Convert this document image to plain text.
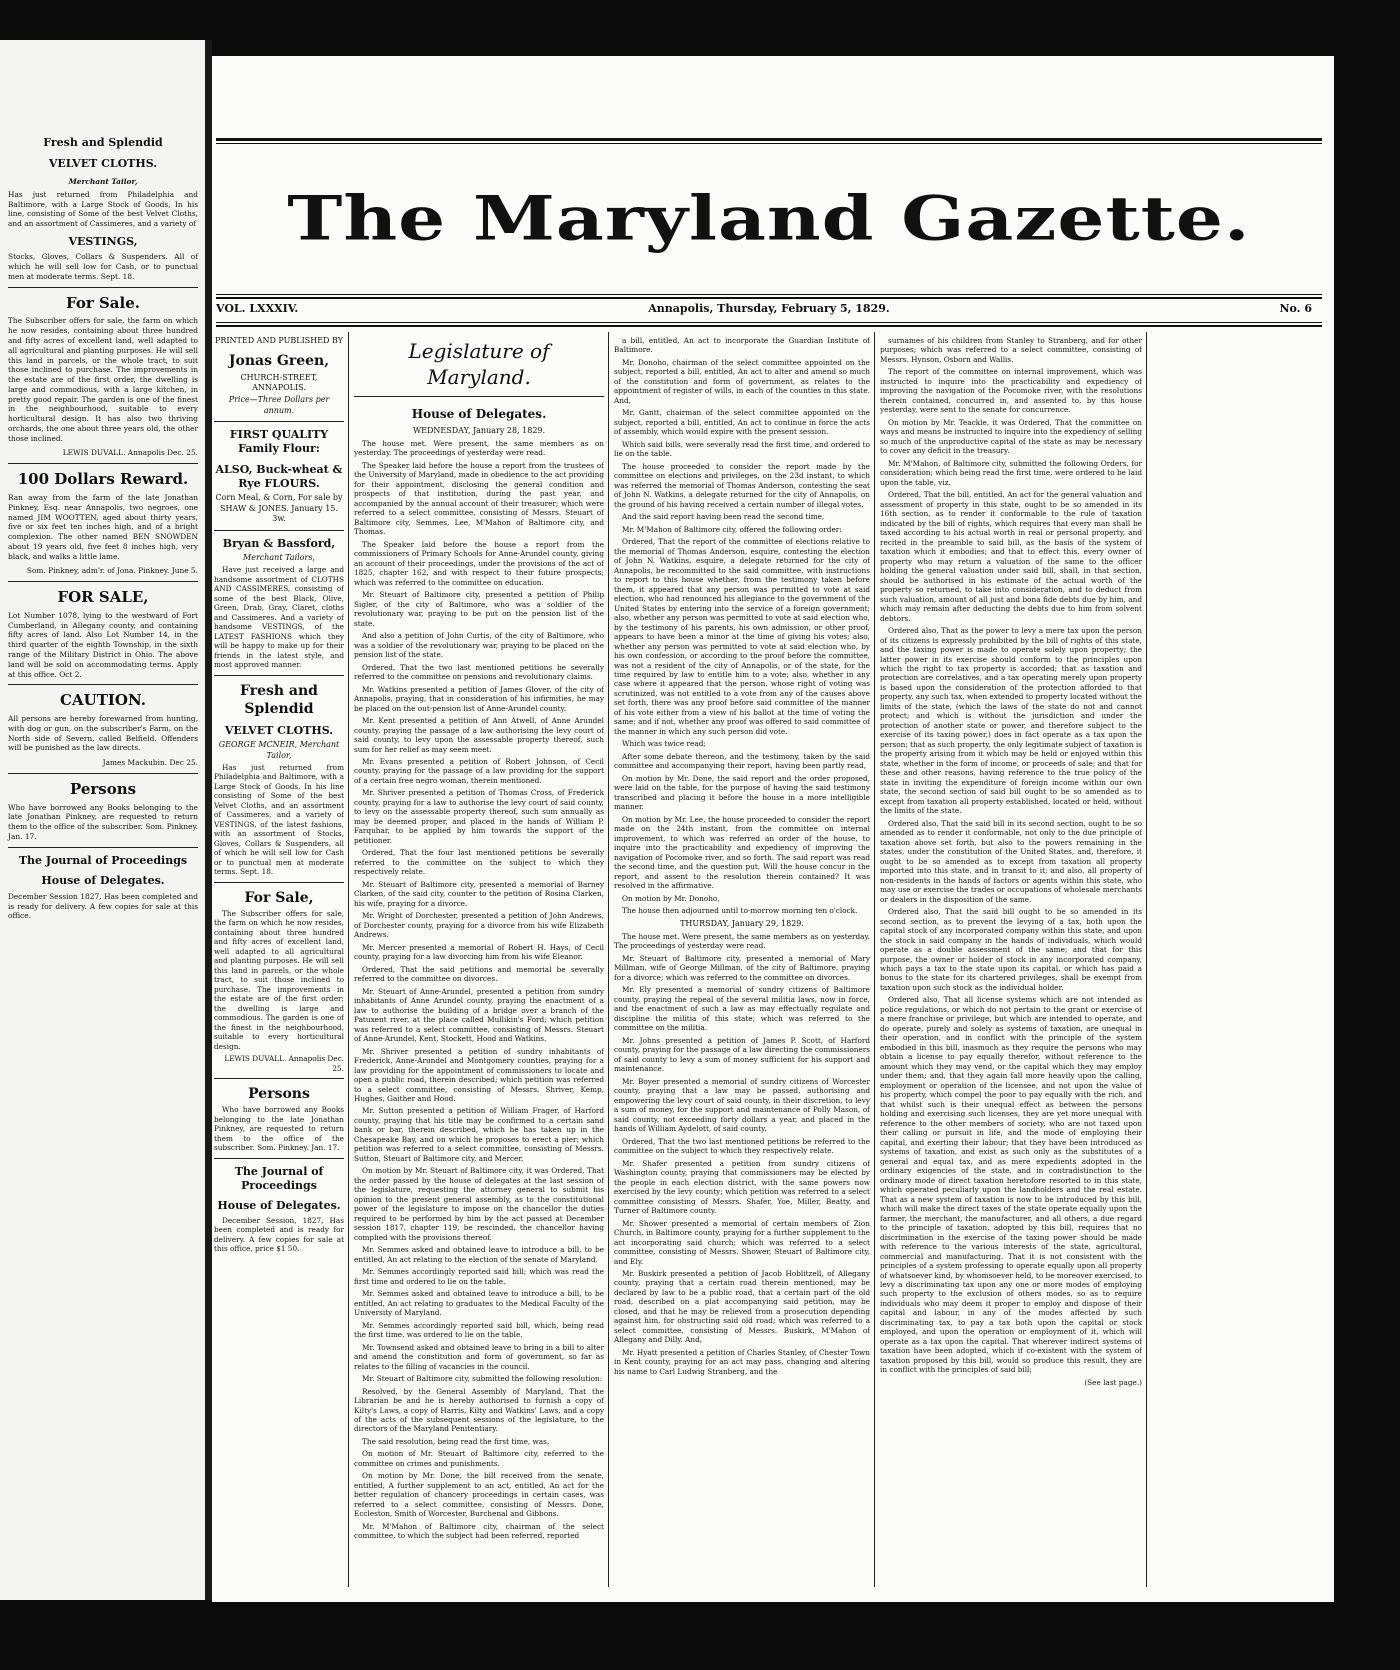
Fresh and Splendid
VELVET CLOTHS.
Merchant Tailor,

Has just returned from Philadelphia and Baltimore, with a Large Stock of Goods, In his line, consisting of Some of the best Velvet Cloths, and an assortment of Cassimeres, and a variety of

VESTINGS,

Stocks, Gloves, Collars & Suspenders. All of which he will sell low for Cash, or to punctual men at moderate terms. Sept. 18.

For Sale.

The Subscriber offers for sale, the farm on which he now resides, containing about three hundred and fifty acres of excellent land, well adapted to all agricultural and planting purposes. He will sell this land in parcels, or the whole tract, to suit those inclined to purchase. The improvements in the estate are of the first order, the dwelling is large and commodious, with a large kitchen, in pretty good repair. The garden is one of the finest in the neighbourhood, suitable to every horticultural design. It has also two thriving orchards, the one about three years old, the other those inclined.

LEWIS DUVALL. Annapolis Dec. 25.

100 Dollars Reward.

Ran away from the farm of the late Jonathan Pinkney, Esq. near Annapolis, two negroes, one named JIM WOOTTEN, aged about thirty years, five or six feet ten inches high, and of a bright complexion. The other named BEN SNOWDEN about 19 years old, five feet 8 inches high, very black, and walks a little lame.

Som. Pinkney, adm'r. of Jona. Pinkney. June 5.

FOR SALE,

Lot Number 1078, lying to the westward of Fort Cumberland, in Allegany county, and containing fifty acres of land. Also Lot Number 14, in the third quarter of the eighth Township, in the sixth range of the Military District in Ohio. The above land will be sold on accommodating terms. Apply at this office. Oct 2.

CAUTION.

All persons are hereby forewarned from hunting, with dog or gun, on the subscriber's Farm, on the North side of Severn, called Belfield. Offenders will be punished as the law directs.

James Mackubin. Dec 25.

Persons

Who have borrowed any Books belonging to the late Jonathan Pinkney, are requested to return them to the office of the subscriber. Som. Pinkney. Jan. 17.

The Journal of Proceedings
House of Delegates.

December Session 1827, Has been completed and is ready for delivery. A few copies for sale at this office.

The Maryland Gazette.
VOL. LXXXIV.	Annapolis, Thursday, February 5, 1829.	No. 6
PRINTED AND PUBLISHED BY
Jonas Green,
CHURCH-STREET, ANNAPOLIS.
Price—Three Dollars per annum.
FIRST QUALITY Family Flour:
ALSO, Buck-wheat & Rye FLOURS.
Corn Meal, & Corn, For sale by SHAW & JONES. January 15. 3w.
Bryan & Bassford,
Merchant Tailors,

Have just received a large and handsome assortment of CLOTHS AND CASSIMERES, consisting of some of the best Black, Olive, Green, Drab, Gray, Claret, cloths and Cassimeres. And a variety of handsome VESTINGS, of the LATEST FASHIONS which they will be happy to make up for their friends in the latest style, and most approved manner.

Fresh and Splendid
VELVET CLOTHS.
GEORGE MCNEIR, Merchant Tailor,

Has just returned from Philadelphia and Baltimore, with a Large Stock of Goods, In his line consisting of Some of the best Velvet Cloths, and an assortment of Cassimeres, and a variety of VESTINGS, of the latest fashions, with an assortment of Stocks, Gloves, Collars & Suspenders, all of which he will sell low for Cash or to punctual men at moderate terms. Sept. 18.

For Sale,

The Subscriber offers for sale, the farm on which he now resides, containing about three hundred and fifty acres of excellent land, well adapted to all agricultural and planting purposes. He will sell this land in parcels, or the whole tract, to suit those inclined to purchase. The improvements in the estate are of the first order; the dwelling is large and commodious. The garden is one of the finest in the neighbourhood, suitable to every horticultural design.

LEWIS DUVALL. Annapolis Dec. 25.

Persons

Who have borrowed any Books belonging to the late Jonathan Pinkney, are requested to return them to the office of the subscriber. Som. Pinkney. Jan. 17.

The Journal of Proceedings
House of Delegates.

December Session, 1827, Has been completed and is ready for delivery. A few copies for sale at this office, price $1 50.

Legislature of Maryland.
House of Delegates.
WEDNESDAY, January 28, 1829.

The house met. Were present, the same members as on yesterday. The proceedings of yesterday were read.

The Speaker laid before the house a report from the trustees of the University of Maryland, made in obedience to the act providing for their appointment, disclosing the general condition and prospects of that institution, during the past year, and accompanied by the annual account of their treasurer; which were referred to a select committee, consisting of Messrs. Steuart of Baltimore city, Semmes, Lee, M'Mahon of Baltimore city, and Thomas.

The Speaker laid before the house a report from the commissioners of Primary Schools for Anne-Arundel county, giving an account of their proceedings, under the provisions of the act of 1825, chapter 162, and with respect to their future prospects; which was referred to the committee on education.

Mr. Steuart of Baltimore city, presented a petition of Philip Sigler, of the city of Baltimore, who was a soldier of the revolutionary war, praying to be put on the pension list of the state.

And also a petition of John Curtis, of the city of Baltimore, who was a soldier of the revolutionary war, praying to be placed on the pension list of the state.

Ordered, That the two last mentioned petitions be severally referred to the committee on pensions and revolutionary claims.

Mr. Watkins presented a petition of James Glover, of the city of Annapolis, praying, that in consideration of his infirmities, he may be placed on the out-pension list of Anne-Arundel county.

Mr. Kent presented a petition of Ann Atwell, of Anne Arundel county, praying the passage of a law authorising the levy court of said county, to levy upon the assessable property thereof, such sum for her relief as may seem meet.

Mr. Evans presented a petition of Robert Johnson, of Cecil county, praying for the passage of a law providing for the support of a certain free negro woman, therein mentioned.

Mr. Shriver presented a petition of Thomas Cross, of Frederick county, praying for a law to authorise the levy court of said county, to levy on the assessable property thereof, such sum annually as may be deemed proper, and placed in the hands of William P. Farquhar, to be applied by him towards the support of the petitioner.

Ordered, That the four last mentioned petitions be severally referred to the committee on the subject to which they respectively relate.

Mr. Steuart of Baltimore city, presented a memorial of Barney Clarken, of the said city, counter to the petition of Rosina Clarken, his wife, praying for a divorce.

Mr. Wright of Dorchester, presented a petition of John Andrews, of Dorchester county, praying for a divorce from his wife Elizabeth Andrews.

Mr. Mercer presented a memorial of Robert H. Hays, of Cecil county, praying for a law divorcing him from his wife Eleanor.

Ordered, That the said petitions and memorial be severally referred to the committee on divorces.

Mr. Steuart of Anne-Arundel, presented a petition from sundry inhabitants of Anne Arundel county, praying the enactment of a law to authorise the building of a bridge over a branch of the Patuxent river, at the place called Mullikin's Ford; which petition was referred to a select committee, consisting of Messrs. Steuart of Anne-Arundel, Kent, Stockett, Hood and Watkins.

Mr. Shriver presented a petition of sundry inhabitants of Frederick, Anne-Arundel and Montgomery counties, praying for a law providing for the appointment of commissioners to locate and open a public road, therein described; which petition was referred to a select committee, consisting of Messrs. Shriver, Kemp, Hughes, Gaither and Hood.

Mr. Sutton presented a petition of William Frager, of Harford county, praying that his title may be confirmed to a certain sand bank or bar, therein described, which he has taken up in the Chesapeake Bay, and on which he proposes to erect a pier; which petition was referred to a select committee, consisting of Messrs. Sutton, Steuart of Baltimore city, and Mercer.

On motion by Mr. Steuart of Baltimore city, it was Ordered, That the order passed by the house of delegates at the last session of the legislature, requesting the attorney general to submit his opinion to the present general assembly, as to the constitutional power of the legislature to impose on the chancellor the duties required to be performed by him by the act passed at December session 1817, chapter 119, be rescinded, the chancellor having complied with the provisions thereof.

Mr. Semmes asked and obtained leave to introduce a bill, to be entitled, An act relating to the election of the senate of Maryland.

Mr. Semmes accordingly reported said bill; which was read the first time and ordered to lie on the table.

Mr. Semmes asked and obtained leave to introduce a bill, to be entitled, An act relating to graduates to the Medical Faculty of the University of Maryland.

Mr. Semmes accordingly reported said bill, which, being read the first time, was ordered to lie on the table.

Mr. Townsend asked and obtained leave to bring in a bill to alter and amend the constitution and form of government, so far as relates to the filling of vacancies in the council.

Mr. Steuart of Baltimore city, submitted the following resolution:

Resolved, by the General Assembly of Maryland, That the Librarian be and he is hereby authorised to furnish a copy of Kilty's Laws, a copy of Harris, Kilty and Watkins' Laws, and a copy of the acts of the subsequent sessions of the legislature, to the directors of the Maryland Penitentiary.

The said resolution, being read the first time, was,

On motion of Mr. Steuart of Baltimore city, referred to the committee on crimes and punishments.

On motion by Mr. Done, the bill received from the senate, entitled, A further supplement to an act, entitled, An act for the better regulation of chancery proceedings in certain cases, was referred to a select committee, consisting of Messrs. Done, Eccleston, Smith of Worcester, Burchenal and Gibbons.

Mr. M'Mahon of Baltimore city, chairman of the select committee, to which the subject had been referred, reported

a bill, entitled, An act to incorporate the Guardian Institute of Baltimore.

Mr. Donoho, chairman of the select committee appointed on the subject, reported a bill, entitled, An act to alter and amend so much of the constitution and form of government, as relates to the appointment of register of wills, in each of the counties in this state. And,

Mr. Gantt, chairman of the select committee appointed on the subject, reported a bill, entitled, An act to continue in force the acts of assembly, which would expire with the present session.

Which said bills, were severally read the first time, and ordered to lie on the table.

The house proceeded to consider the report made by the committee on elections and privileges, on the 23d instant, to which was referred the memorial of Thomas Anderson, contesting the seat of John N. Watkins, a delegate returned for the city of Annapolis, on the ground of his having received a certain number of illegal votes.

And the said report having been read the second time,

Mr. M'Mahon of Baltimore city, offered the following order:

Ordered, That the report of the committee of elections relative to the memorial of Thomas Anderson, esquire, contesting the election of John N. Watkins, esquire, a delegate returned for the city of Annapolis, be recommitted to the said committee, with instructions to report to this house whether, from the testimony taken before them, it appeared that any person was permitted to vote at said election, who had renounced his allegiance to the government of the United States by entering into the service of a foreign government; also, whether any person was permitted to vote at said election who, by the testimony of his parents, his own admission, or other proof, appears to have been a minor at the time of giving his votes; also, whether any person was permitted to vote at said election who, by his own confession, or according to the proof before the committee, was not a resident of the city of Annapolis, or of the state, for the time required by law to entitle him to a vote; also, whether in any case where it appeared that the person, whose right of voting was scrutinized, was not entitled to a vote from any of the causes above set forth, there was any proof before said committee of the manner of his vote either from a view of his ballot at the time of voting the same; and if not, whether any proof was offered to said committee of the manner in which any such person did vote.

Which was twice read;

After some debate thereon, and the testimony, taken by the said committee and accompanying their report, having been partly read,

On motion by Mr. Done, the said report and the order proposed, were laid on the table, for the purpose of having the said testimony transcribed and placing it before the house in a more intelligible manner.

On motion by Mr. Lee, the house proceeded to consider the report made on the 24th instant, from the committee on internal improvement, to which was referred an order of the house, to inquire into the practicability and expediency of improving the navigation of Pocomoke river, and so forth. The said report was read the second time, and the question put, Will the house concur in the report, and assent to the resolution therein contained? It was resolved in the affirmative.

On motion by Mr. Donoho,

The house then adjourned until to-morrow morning ten o'clock.

THURSDAY, January 29, 1829.

The house met. Were present, the same members as on yesterday. The proceedings of yesterday were read.

Mr. Steuart of Baltimore city, presented a memorial of Mary Millman, wife of George Millman, of the city of Baltimore, praying for a divorce; which was referred to the committee on divorces.

Mr. Ely presented a memorial of sundry citizens of Baltimore county, praying the repeal of the several militia laws, now in force, and the enactment of such a law as may effectually regulate and discipline the militia of this state; which was referred to the committee on the militia.

Mr. Johns presented a petition of James P. Scott, of Harford county, praying for the passage of a law directing the commissioners of said county to levy a sum of money sufficient for his support and maintenance.

Mr. Boyer presented a memorial of sundry citizens of Worcester county, praying that a law may be passed, authorising and empowering the levy court of said county, in their discretion, to levy a sum of money, for the support and maintenance of Polly Mason, of said county, not exceeding forty dollars a year, and placed in the hands of William Aydelott, of said county.

Ordered, That the two last mentioned petitions be referred to the committee on the subject to which they respectively relate.

Mr. Shafer presented a petition from sundry citizens of Washington county, praying that commissioners may be elected by the people in each election district, with the same powers now exercised by the levy county; which petition was referred to a select committee consisting of Messrs. Shafer, Yoe, Miller, Beatty, and Turner of Baltimore county.

Mr. Shower presented a memorial of certain members of Zion Church, in Baltimore county, praying for a further supplement to the act incorporating said church; which was referred to a select committee, consisting of Messrs. Shower, Steuart of Baltimore city, and Ely.

Mr. Buskirk presented a petition of Jacob Hoblitzell, of Allegany county, praying that a certain road therein mentioned, may be declared by law to be a public road, that a certain part of the old road, described on a plat accompanying said petition, may be closed, and that he may be relieved from a prosecution depending against him, for obstructing said old road; which was referred to a select committee, consisting of Messrs. Buskirk, M'Mahon of Allegany and Dilly. And,

Mr. Hyatt presented a petition of Charles Stanley, of Chester Town in Kent county, praying for an act may pass, changing and altering his name to Carl Ludwig Stranberg, and the

surnames of his children from Stanley to Stranberg, and for other purposes; which was referred to a select committee, consisting of Messrs. Hynson, Osborn and Wallis.

The report of the committee on internal improvement, which was instructed to inquire into the practicability and expediency of improving the navigation of the Pocomoke river, with the resolutions therein contained, concurred in, and assented to, by this house yesterday, were sent to the senate for concurrence.

On motion by Mr. Teackle, it was Ordered, That the committee on ways and means be instructed to inquire into the expediency of selling so much of the unproductive capital of the state as may be necessary to cover any deficit in the treasury.

Mr. M'Mahon, of Baltimore city, submitted the following Orders, for consideration; which being read the first time, were ordered to be laid upon the table, viz.

Ordered, That the bill, entitled, An act for the general valuation and assessment of property in this state, ought to be so amended in its 16th section, as to render it conformable to the rule of taxation indicated by the bill of rights, which requires that every man shall be taxed according to his actual worth in real or personal property, and recited in the preamble to said bill, as the basis of the system of taxation which it embodies; and that to effect this, every owner of property who may return a valuation of the same to the officer holding the general valuation under said bill, shall, in that section, should be authorised in his estimate of the actual worth of the property so returned, to take into consideration, and to deduct from such valuation, amount of all just and bona fide debts due by him, and which may remain after deducting the debts due to him from solvent debtors.

Ordered also, That as the power to levy a mere tax upon the person of its citizens is expressly prohibited by the bill of rights of this state, and the taxing power is made to operate solely upon property; the latter power in its exercise should conform to the principles upon which the right to tax property is accorded; that as taxation and protection are correlatives, and a tax operating merely upon property is based upon the consideration of the protection afforded to that property, any such tax, when extended to property located without the limits of the state, (which the laws of the state do not and cannot protect; and which is without the jurisdiction and under the protection of another state or power, and therefore subject to the exercise of its taxing power,) does in fact operate as a tax upon the person; that as such property, the only legitimate subject of taxation is the property arising from it which may be held or enjoyed within this state, whether in the form of income, or proceeds of sale; and that for these and other reasons, having reference to the true policy of the state in inviting the expenditure of foreign income within our own state, the second section of said bill ought to be so amended as to except from taxation all property established, located or held, without the limits of the state.

Ordered also, That the said bill in its second section, ought to be so amended as to render it conformable, not only to the due principle of taxation above set forth, but also to the powers remaining in the states, under the constitution of the United States, and, therefore, it ought to be so amended as to except from taxation all property imported into this state, and in transit to it; and also, all property of non-residents in the hands of factors or agents within this state, who may use or exercise the trades or occupations of wholesale merchants or dealers in the disposition of the same.

Ordered also, That the said bill ought to be so amended in its second section, as to prevent the levying of a tax, both upon the capital stock of any incorporated company within this state, and upon the stock in said company in the hands of individuals, which would operate as a double assessment of the same; and that for this purpose, the owner or holder of stock in any incorporated company, which pays a tax to the state upon its capital, or which has paid a bonus to the state for its chartered privileges, shall be exempt from taxation upon such stock as the individual holder.

Ordered also, That all license systems which are not intended as police regulations, or which do not pertain to the grant or exercise of a mere franchise or privilege, but which are intended to operate, and do operate, purely and solely as systems of taxation, are unequal in their operation, and in conflict with the principle of the system embodied in this bill, inasmuch as they require the persons who may obtain a license to pay equally therefor, without reference to the amount which they may vend, or the capital which they may employ under them; and, that they again fall more heavily upon the calling, employment or operation of the licensee, and not upon the value of his property, which compel the poor to pay equally with the rich, and that whilst such is their unequal effect as between the persons holding and exercising such licenses, they are yet more unequal with reference to the other members of society, who are not taxed upon their calling or pursuit in life, and the mode of employing their capital, and exerting their labour; that they have been introduced as systems of taxation, and exist as such only as the substitutes of a general and equal tax, and as mere expedients adopted in the ordinary exigencies of the state, and in contradistinction to the ordinary mode of direct taxation heretofore resorted to in this state, which operated peculiarly upon the landholders and the real estate. That as a new system of taxation is now to be introduced by this bill, which will make the direct taxes of the state operate equally upon the farmer, the merchant, the manufacturer, and all others, a due regard to the principle of taxation, adopted by this bill, requires that no discrimination in the exercise of the taxing power should be made with reference to the various interests of the state, agricultural, commercial and manufacturing. That it is not consistent with the principles of a system professing to operate equally upon all property of whatsoever kind, by whomsoever held, to be moreover exercised, to levy a discriminating tax upon any one or more modes of employing such property to the exclusion of others modes, so as to require individuals who may deem it proper to employ and dispose of their capital and labour, in any of the modes affected by such discriminating tax, to pay a tax both upon the capital or stock employed, and upon the operation or employment of it, which will operate as a tax upon the capital. That wherever indirect systems of taxation have been adopted, which if co-existent with the system of taxation proposed by this bill, would so produce this result, they are in conflict with the principles of said bill;

(See last page.)
